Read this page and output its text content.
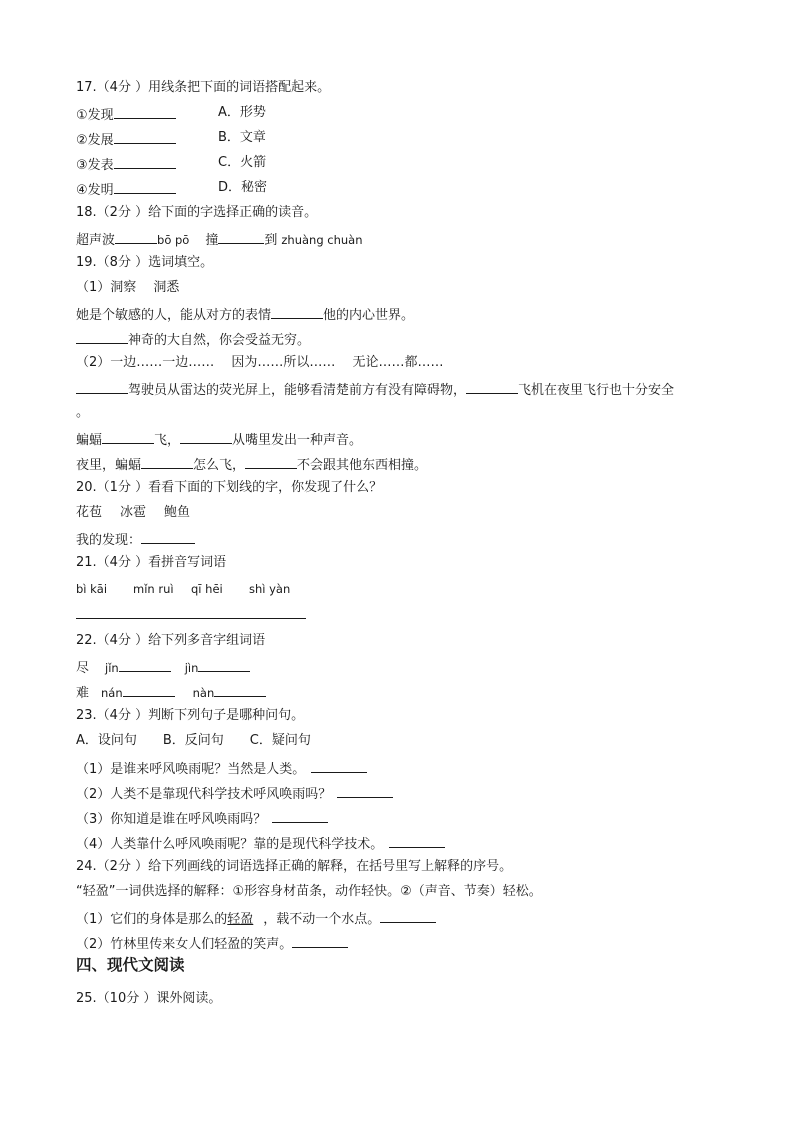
17.（4分 ）用线条把下面的词语搭配起来。
①发现	A．形势
②发展	B．文章
③发表	C．火箭
④发明	D．秘密
18.（2分 ）给下面的字选择正确的读音。
超声波	bō pō 撞	到 zhuàng chuàn
19.（8分 ）选词填空。
（1）洞察　 洞悉
她是个敏感的人，能从对方的表情	他的内心世界。
神奇的大自然，你会受益无穷。
（2）一边……一边……　 因为……所以……　 无论……都……
驾驶员从雷达的荧光屏上，能够看清楚前方有没有障碍物，	飞机在夜里飞行也十分安全
。
蝙蝠	飞，	从嘴里发出一种声音。
夜里，蝙蝠	怎么飞，	不会跟其他东西相撞。
20.（1分 ）看看下面的下划线的字，你发现了什么？
花苞 冰雹 鲍鱼
我的发现：
21.（4分 ）看拼音写词语
bì kāi mǐn ruì qī hēi shì yàn
22.（4分 ）给下列多音字组词语
尽 jǐn	jìn
难 nán	nàn
23.（4分 ）判断下列句子是哪种问句。
A．设问句　　B．反问句　　C．疑问句
（1）是谁来呼风唤雨呢？当然是人类。
（2）人类不是靠现代科学技术呼风唤雨吗？
（3）你知道是谁在呼风唤雨吗？
（4）人类靠什么呼风唤雨呢？靠的是现代科学技术。
24.（2分 ）给下列画线的词语选择正确的解释，在括号里写上解释的序号。
“轻盈”一词供选择的解释：①形容身材苗条，动作轻快。②（声音、节奏）轻松。
（1）它们的身体是那么的轻盈 ，载不动一个水点。
（2）竹林里传来女人们轻盈的笑声。
四、现代文阅读
25.（10分 ）课外阅读。
